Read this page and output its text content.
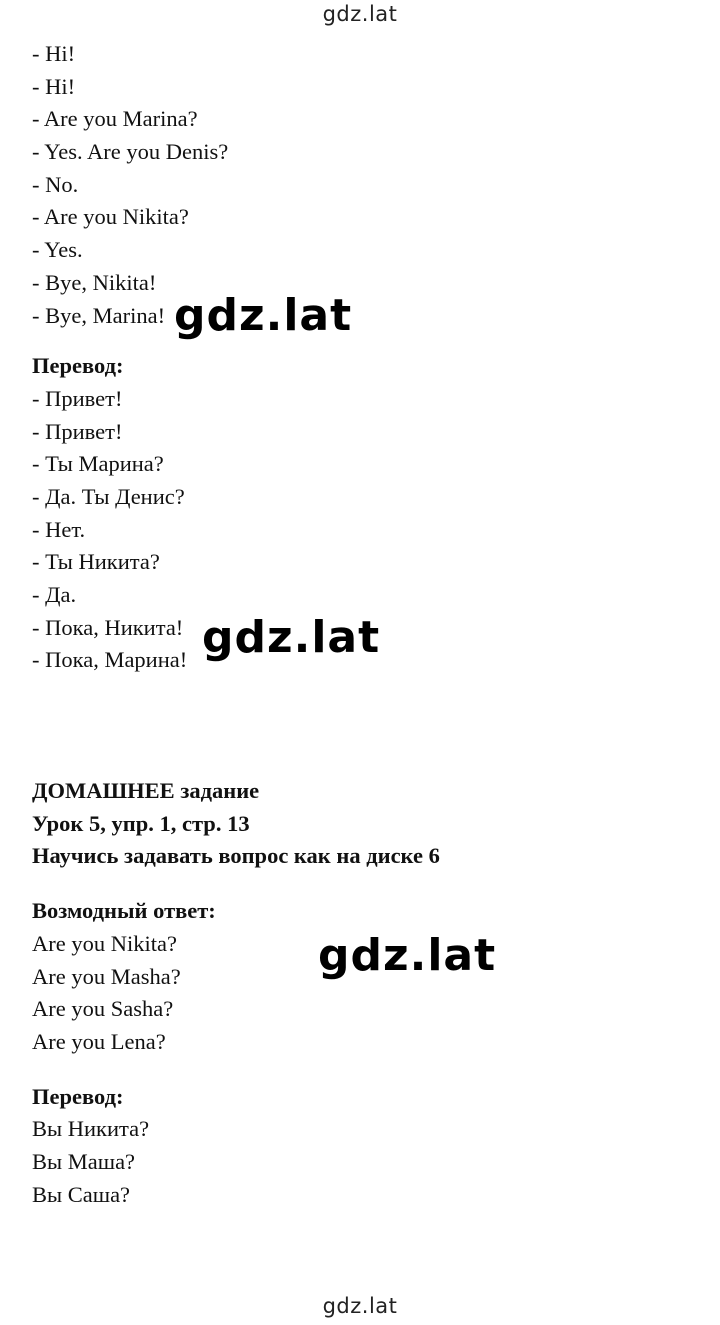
gdz.lat
- Hi!
- Hi!
- Are you Marina?
- Yes. Are you Denis?
- No.
- Are you Nikita?
- Yes.
- Bye, Nikita!
- Bye, Marina!
Перевод:
- Привет!
- Привет!
- Ты Марина?
- Да. Ты Денис?
- Нет.
- Ты Никита?
- Да.
- Пока, Никита!
- Пока, Марина!
ДОМАШНЕЕ задание
Урок 5, упр. 1, стр. 13
Научись задавать вопрос как на диске 6
Возмодный ответ:
Are you Nikita?
Are you Masha?
Are you Sasha?
Are you Lena?
Перевод:
Вы Никита?
Вы Маша?
Вы Саша?
gdz.lat
gdz.lat
gdz.lat
gdz.lat
